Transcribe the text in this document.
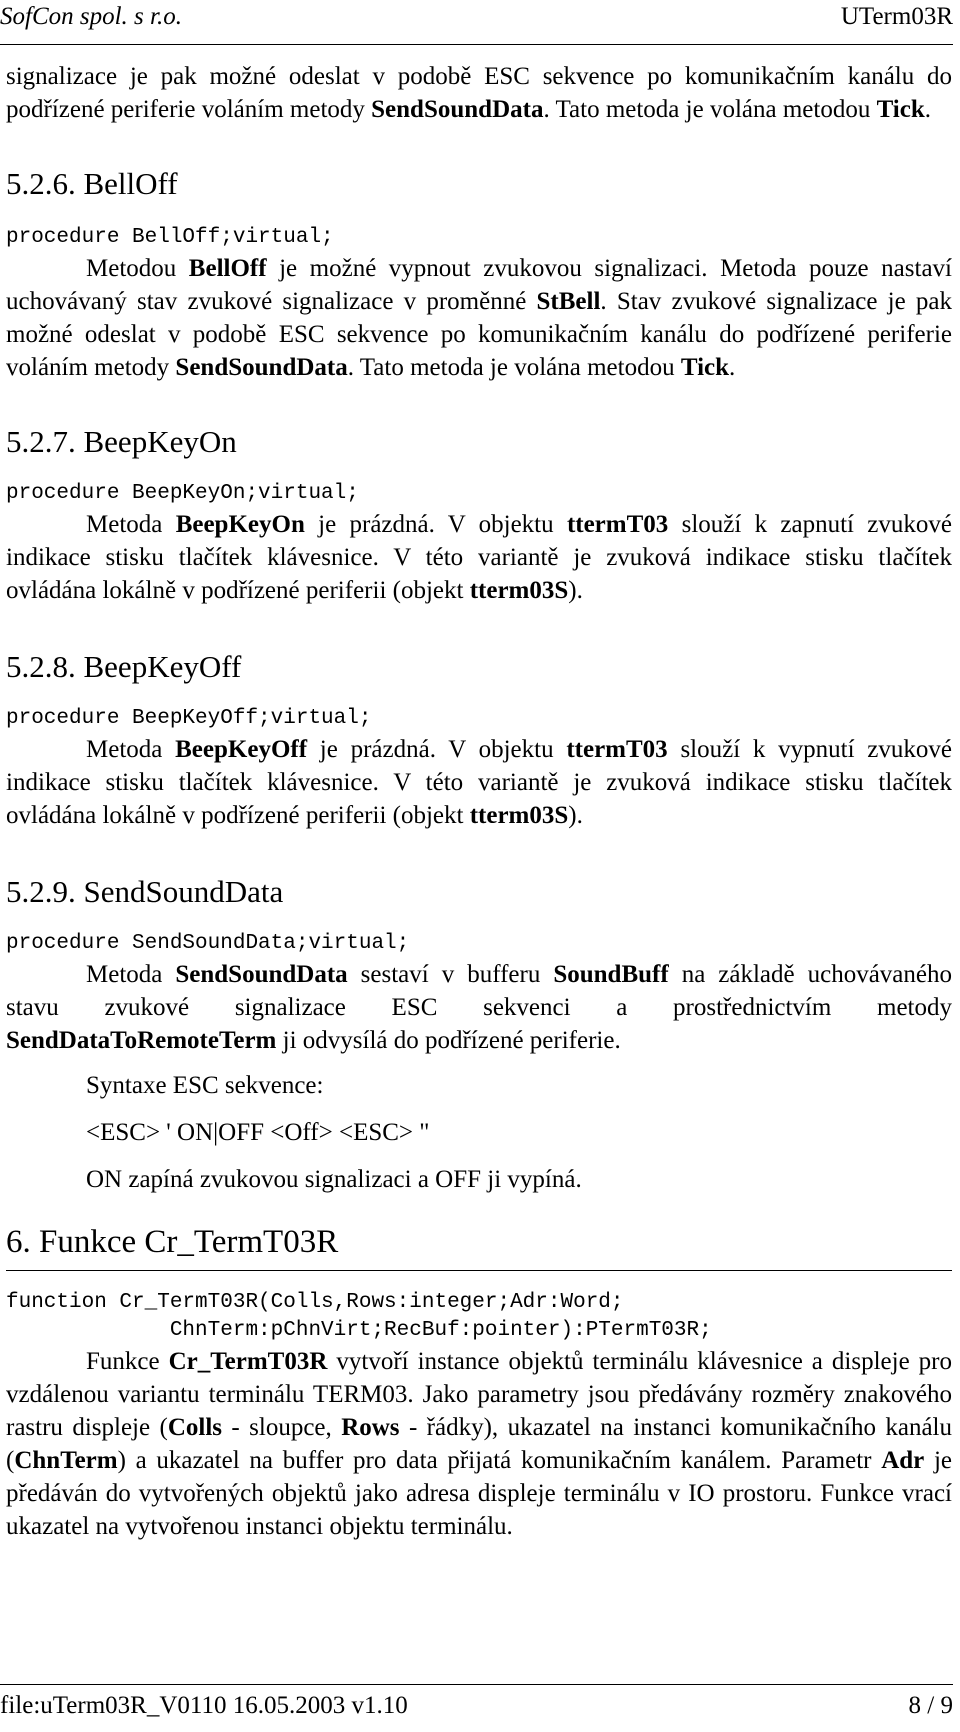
SofCon spol. s r.o.	UTerm03R

signalizace je pak možné odeslat v podobě ESC sekvence po komunikačním kanálu do podřízené periferie voláním metody SendSoundData. Tato metoda je volána metodou Tick.

5.2.6. BellOff
procedure BellOff;virtual;

Metodou BellOff je možné vypnout zvukovou signalizaci. Metoda pouze nastaví uchovávaný stav zvukové signalizace v proměnné StBell. Stav zvukové signalizace je pak možné odeslat v podobě ESC sekvence po komunikačním kanálu do podřízené periferie voláním metody SendSoundData. Tato metoda je volána metodou Tick.

5.2.7. BeepKeyOn
procedure BeepKeyOn;virtual;

Metoda BeepKeyOn je prázdná. V objektu ttermT03 slouží k zapnutí zvukové indikace stisku tlačítek klávesnice. V této variantě je zvuková indikace stisku tlačítek ovládána lokálně v podřízené periferii (objekt tterm03S).

5.2.8. BeepKeyOff
procedure BeepKeyOff;virtual;

Metoda BeepKeyOff je prázdná. V objektu ttermT03 slouží k vypnutí zvukové indikace stisku tlačítek klávesnice. V této variantě je zvuková indikace stisku tlačítek ovládána lokálně v podřízené periferii (objekt tterm03S).

5.2.9. SendSoundData
procedure SendSoundData;virtual;

Metoda SendSoundData sestaví v bufferu SoundBuff na základě uchovávaného stavu zvukové signalizace ESC sekvenci a prostřednictvím metody SendDataToRemoteTerm ji odvysílá do podřízené periferie.

Syntaxe ESC sekvence:

<ESC> ' ON|OFF <Off> <ESC> "

ON zapíná zvukovou signalizaci a OFF ji vypíná.

6. Funkce Cr_TermT03R
function Cr_TermT03R(Colls,Rows:integer;Adr:Word;
ChnTerm:pChnVirt;RecBuf:pointer):PTermT03R;

Funkce Cr_TermT03R vytvoří instance objektů terminálu klávesnice a displeje pro vzdálenou variantu terminálu TERM03. Jako parametry jsou předávány rozměry znakového rastru displeje (Colls - sloupce, Rows - řádky), ukazatel na instanci komunikačního kanálu (ChnTerm) a ukazatel na buffer pro data přijatá komunikačním kanálem. Parametr Adr je předáván do vytvořených objektů jako adresa displeje terminálu v IO prostoru. Funkce vrací ukazatel na vytvořenou instanci objektu terminálu.

file:uTerm03R_V0110 16.05.2003 v1.10	8 / 9
